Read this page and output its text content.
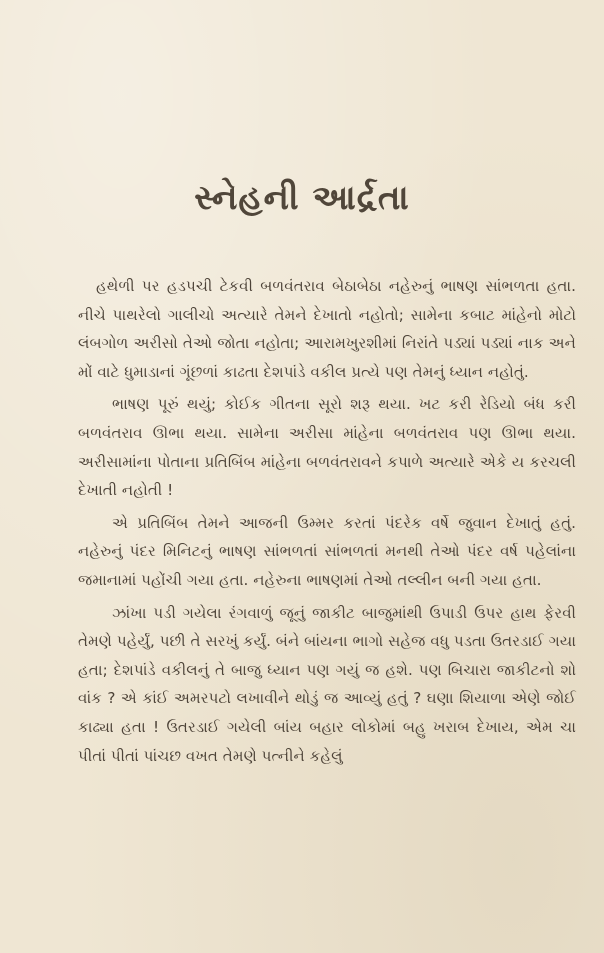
સ્નેહની આર્દ્રતા

હથેળી પર હડપચી ટેકવી બળવંતરાવ બેઠાબેઠા નહેરુનું ભાષણ સાંભળતા હતા. નીચે પાથરેલો ગાલીચો અત્યારે તેમને દેખાતો નહોતો; સામેના કબાટ માંહેનો મોટો લંબગોળ અરીસો તેઓ જોતા નહોતા; આરામખુરશીમાં નિરાંતે પડ્યાં પડ્યાં નાક અને મોં વાટે ધુમાડાનાં ગૂંછળાં કાઢતા દેશપાંડે વકીલ પ્રત્યે પણ તેમનું ધ્યાન નહોતું.

ભાષણ પૂરું થયું; કોઈક ગીતના સૂરો શરૂ થયા. ખટ કરી રેડિયો બંધ કરી બળવંતરાવ ઊભા થયા. સામેના અરીસા માંહેના બળવંતરાવ પણ ઊભા થયા. અરીસામાંના પોતાના પ્રતિબિંબ માંહેના બળવંતરાવને કપાળે અત્યારે એકે ય કરચલી દેખાતી નહોતી !

એ પ્રતિબિંબ તેમને આજની ઉમ્મર કરતાં પંદરેક વર્ષે જુવાન દેખાતું હતું. નહેરુનું પંદર મિનિટનું ભાષણ સાંભળતાં સાંભળતાં મનથી તેઓ પંદર વર્ષ પહેલાંના જમાનામાં પહોંચી ગયા હતા. નહેરુના ભાષણમાં તેઓ તલ્લીન બની ગયા હતા.

ઝાંખા પડી ગયેલા રંગવાળું જૂનું જાકીટ બાજુમાંથી ઉપાડી ઉપર હાથ ફેરવી તેમણે પહેર્યું, પછી તે સરખું કર્યું. બંને બાંયના ભાગો સહેજ વધુ પડતા ઉતરડાઈ ગયા હતા; દેશપાંડે વકીલનું તે બાજુ ધ્યાન પણ ગયું જ હશે. પણ બિચારા જાકીટનો શો વાંક ? એ કાંઈ અમરપટો લખાવીને થોડું જ આવ્યું હતું ? ઘણા શિયાળા એણે જોઈ કાઢ્યા હતા ! ઉતરડાઈ ગયેલી બાંય બહાર લોકોમાં બહુ ખરાબ દેખાય, એમ ચા પીતાં પીતાં પાંચછ વખત તેમણે પત્નીને કહેલું
